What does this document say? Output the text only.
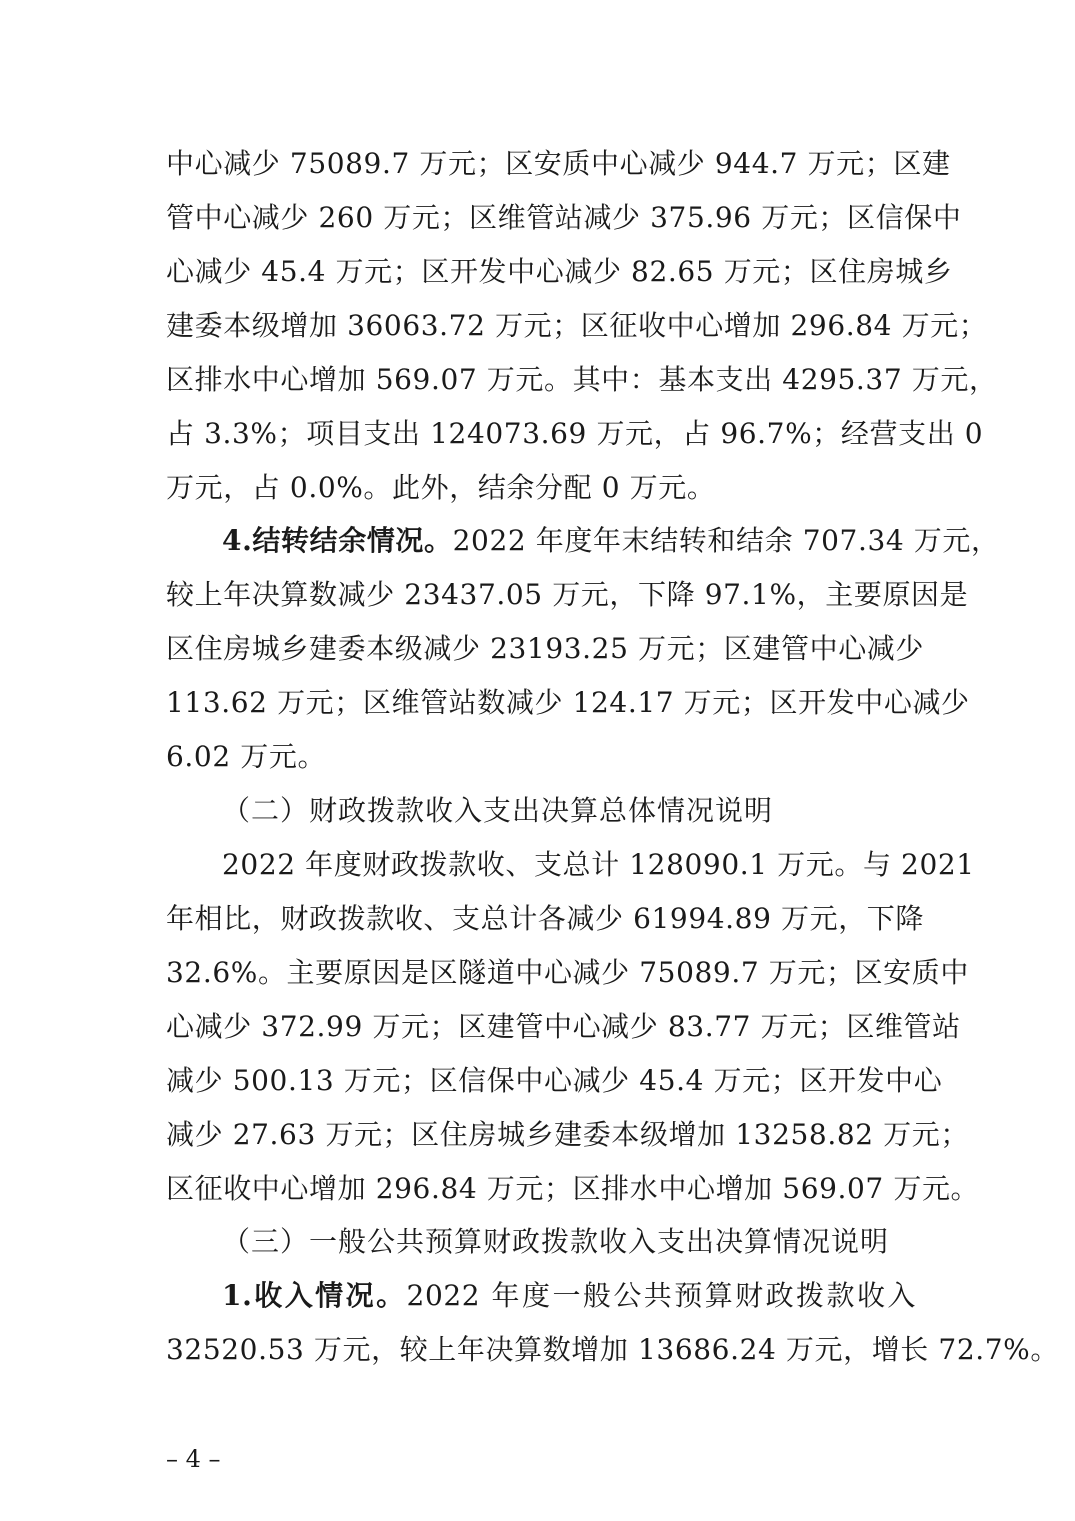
中心减少 75089.7 万元；区安质中心减少 944.7 万元；区建
管中心减少 260 万元；区维管站减少 375.96 万元；区信保中
心减少 45.4 万元；区开发中心减少 82.65 万元；区住房城乡
建委本级增加 36063.72 万元；区征收中心增加 296.84 万元；
区排水中心增加 569.07 万元。其中：基本支出 4295.37 万元，
占 3.3%；项目支出 124073.69 万元，占 96.7%；经营支出 0
万元，占 0.0%。此外，结余分配 0 万元。
4.结转结余情况。2022 年度年末结转和结余 707.34 万元，
较上年决算数减少 23437.05 万元，下降 97.1%，主要原因是
区住房城乡建委本级减少 23193.25 万元；区建管中心减少
113.62 万元；区维管站数减少 124.17 万元；区开发中心减少
6.02 万元。
（二）财政拨款收入支出决算总体情况说明
2022 年度财政拨款收、支总计 128090.1 万元。与 2021
年相比，财政拨款收、支总计各减少 61994.89 万元，下降
32.6%。主要原因是区隧道中心减少 75089.7 万元；区安质中
心减少 372.99 万元；区建管中心减少 83.77 万元；区维管站
减少 500.13 万元；区信保中心减少 45.4 万元；区开发中心
减少 27.63 万元；区住房城乡建委本级增加 13258.82 万元；
区征收中心增加 296.84 万元；区排水中心增加 569.07 万元。
（三）一般公共预算财政拨款收入支出决算情况说明
1.收入情况。2022 年度一般公共预算财政拨款收入
32520.53 万元，较上年决算数增加 13686.24 万元，增长 72.7%。
– 4 –
